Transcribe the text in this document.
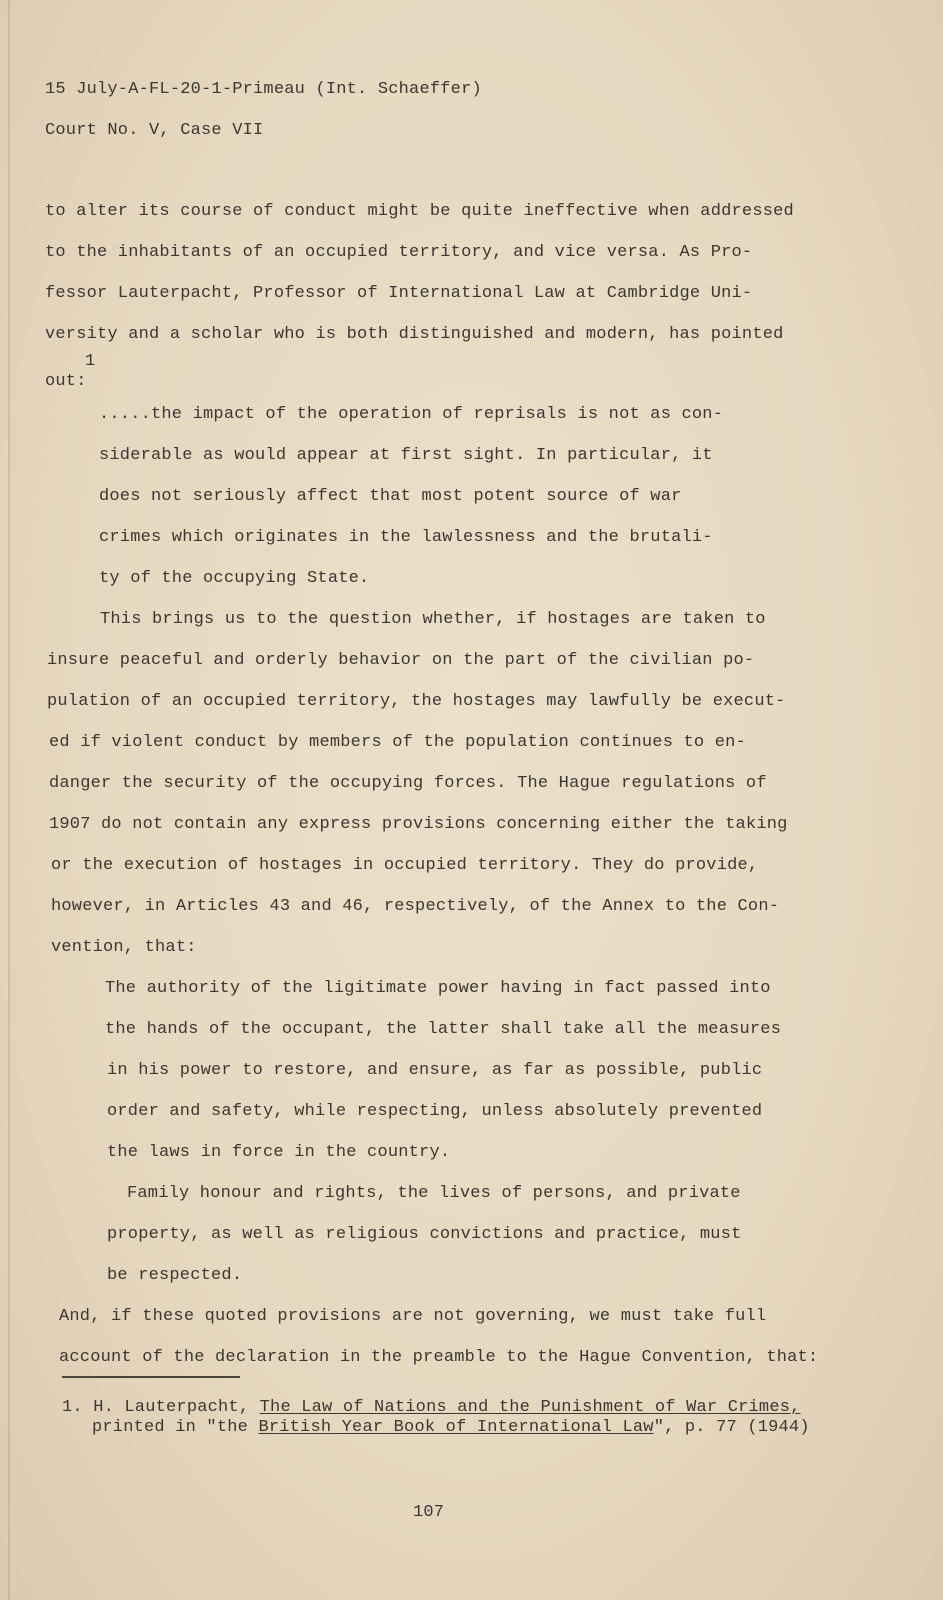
15 July-A-FL-20-1-Primeau (Int. Schaeffer)
Court No. V, Case VII
to alter its course of conduct might be quite ineffective when addressed
to the inhabitants of an occupied territory, and vice versa. As Pro-
fessor Lauterpacht, Professor of International Law at Cambridge Uni-
versity and a scholar who is both distinguished and modern, has pointed
1
out:
.....the impact of the operation of reprisals is not as con-
siderable as would appear at first sight. In particular, it
does not seriously affect that most potent source of war
crimes which originates in the lawlessness and the brutali-
ty of the occupying State.
This brings us to the question whether, if hostages are taken to
insure peaceful and orderly behavior on the part of the civilian po-
pulation of an occupied territory, the hostages may lawfully be execut-
ed if violent conduct by members of the population continues to en-
danger the security of the occupying forces. The Hague regulations of
1907 do not contain any express provisions concerning either the taking
or the execution of hostages in occupied territory. They do provide,
however, in Articles 43 and 46, respectively, of the Annex to the Con-
vention, that:
The authority of the ligitimate power having in fact passed into
the hands of the occupant, the latter shall take all the measures
in his power to restore, and ensure, as far as possible, public
order and safety, while respecting, unless absolutely prevented
the laws in force in the country.
Family honour and rights, the lives of persons, and private
property, as well as religious convictions and practice, must
be respected.
And, if these quoted provisions are not governing, we must take full
account of the declaration in the preamble to the Hague Convention, that:
1. H. Lauterpacht, The Law of Nations and the Punishment of War Crimes,
printed in "the British Year Book of International Law", p. 77 (1944)
107
